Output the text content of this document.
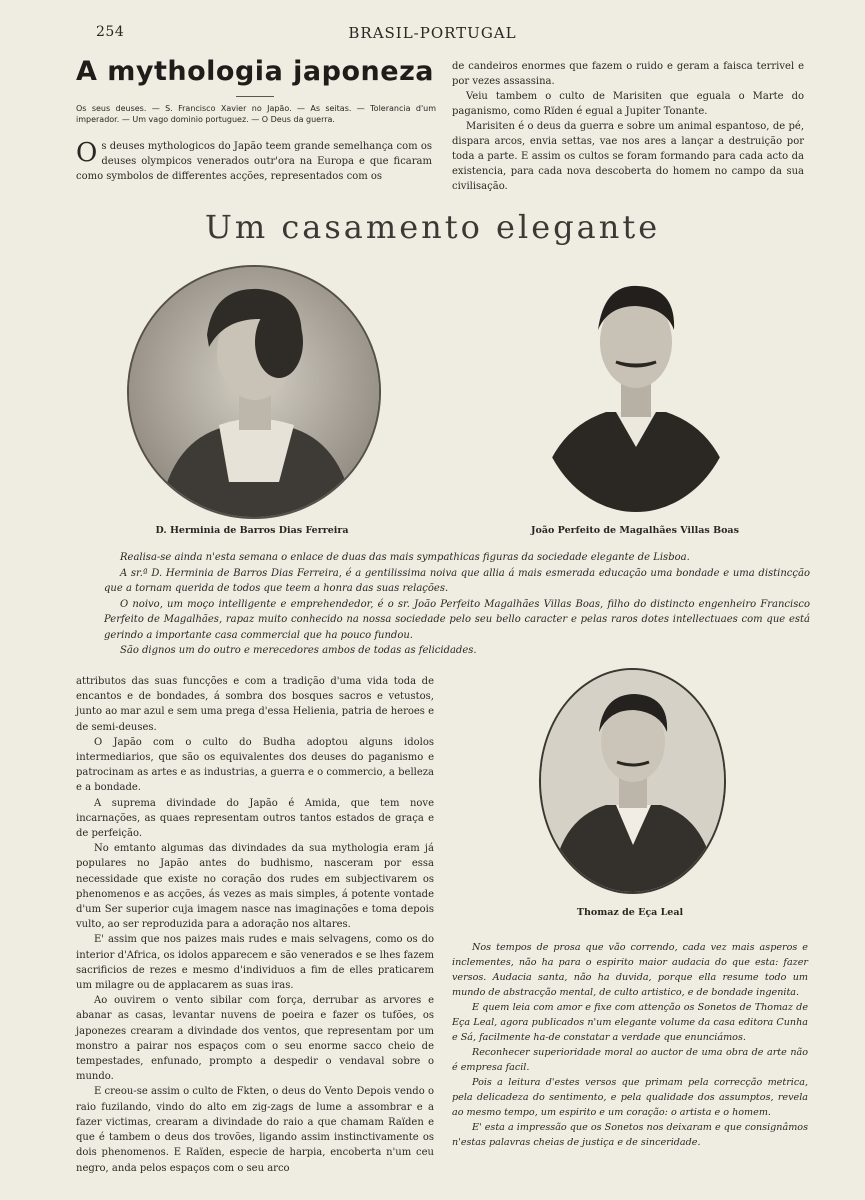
254	BRASIL-PORTUGAL
A mythologia japoneza
Os seus deuses. — S. Francisco Xavier no Japão. — As seitas. — Tolerancia d'um imperador. — Um vago dominio portuguez. — O Deus da guerra.
O s deuses mythologicos do Japão teem grande semelhança com os deuses olympicos venerados outr'ora na Europa e que ficaram como symbolos de differentes acções, representados com os

de candeiros enormes que fazem o ruido e geram a faisca terrivel e por vezes assassina.

Veiu tambem o culto de Marisiten que eguala o Marte do paganismo, como Rïden é egual a Jupiter Tonante.

Marisiten é o deus da guerra e sobre um animal espantoso, de pé, dispara arcos, envia settas, vae nos ares a lançar a destruição por toda a parte. E assim os cultos se foram formando para cada acto da existencia, para cada nova descoberta do homem no campo da sua civilisação.

Um casamento elegante
D. Herminia de Barros Dias Ferreira	João Perfeito de Magalhães Villas Boas

Realisa-se ainda n'esta semana o enlace de duas das mais sympathicas figuras da sociedade elegante de Lisboa.

A sr.ª D. Herminia de Barros Dias Ferreira, é a gentilissima noiva que allia á mais esmerada educação uma bondade e uma distincção que a tornam querida de todos que teem a honra das suas relações.

O noivo, um moço intelligente e emprehendedor, é o sr. João Perfeito Magalhães Villas Boas, filho do distincto engenheiro Francisco Perfeito de Magalhães, rapaz muito conhecido na nossa sociedade pelo seu bello caracter e pelas raros dotes intellectuaes com que está gerindo a importante casa commercial que ha pouco fundou.

São dignos um do outro e merecedores ambos de todas as felicidades.

attributos das suas funcções e com a tradição d'uma vida toda de encantos e de bondades, á sombra dos bosques sacros e vetustos, junto ao mar azul e sem uma prega d'essa Helienia, patria de heroes e de semi-deuses.

O Japão com o culto do Budha adoptou alguns idolos intermediarios, que são os equivalentes dos deuses do paganismo e patrocinam as artes e as industrias, a guerra e o commercio, a belleza e a bondade.

A suprema divindade do Japão é Amida, que tem nove incarnações, as quaes representam outros tantos estados de graça e de perfeição.

No emtanto algumas das divindades da sua mythologia eram já populares no Japão antes do budhismo, nasceram por essa necessidade que existe no coração dos rudes em subjectivarem os phenomenos e as acções, ás vezes as mais simples, á potente vontade d'um Ser superior cuja imagem nasce nas imaginações e toma depois vulto, ao ser reproduzida para a adoração nos altares.

E' assim que nos paizes mais rudes e mais selvagens, como os do interior d'Africa, os idolos apparecem e são venerados e se lhes fazem sacrificios de rezes e mesmo d'individuos a fim de elles praticarem um milagre ou de applacarem as suas iras.

Ao ouvirem o vento sibilar com força, derrubar as arvores e abanar as casas, levantar nuvens de poeira e fazer os tufões, os japonezes crearam a divindade dos ventos, que representam por um monstro a pairar nos espaços com o seu enorme sacco cheio de tempestades, enfunado, prompto a despedir o vendaval sobre o mundo.

E creou-se assim o culto de Fkten, o deus do Vento Depois vendo o raio fuzilando, vindo do alto em zig-zags de lume a assombrar e a fazer victimas, crearam a divindade do raio a que chamam Raïden e que é tambem o deus dos trovões, ligando assim instinctivamente os dois phenomenos. E Raïden, especie de harpia, encoberta n'um ceu negro, anda pelos espaços com o seu arco

Thomaz de Eça Leal

Nos tempos de prosa que vão correndo, cada vez mais asperos e inclementes, não ha para o espirito maior audacia do que esta: fazer versos. Audacia santa, não ha duvida, porque ella resume todo um mundo de abstracção mental, de culto artistico, e de bondade ingenita.

E quem leia com amor e fixe com attenção os Sonetos de Thomaz de Eça Leal, agora publicados n'um elegante volume da casa editora Cunha e Sá, facilmente ha-de constatar a verdade que enunciámos.

Reconhecer superioridade moral ao auctor de uma obra de arte não é empresa facil.

Pois a leitura d'estes versos que primam pela correcção metrica, pela delicadeza do sentimento, e pela qualidade dos assumptos, revela ao mesmo tempo, um espirito e um coração: o artista e o homem.

E' esta a impressão que os Sonetos nos deixaram e que consignâmos n'estas palavras cheias de justiça e de sinceridade.
